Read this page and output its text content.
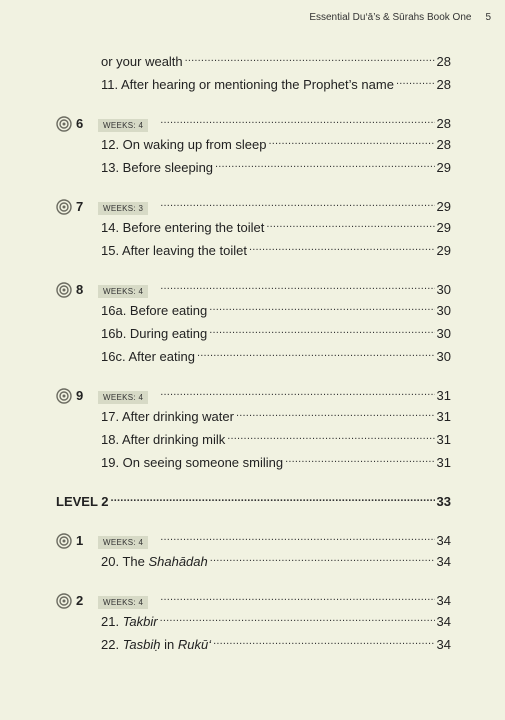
Essential Du‘ā’s & Sūrahs Book One 5
or your wealth .....	28
11. After hearing or mentioning the Prophet’s name .....	28
6	WEEKS: 4 .....	28
12. On waking up from sleep .....	28
13. Before sleeping .....	29
7	WEEKS: 3 .....	29
14. Before entering the toilet .....	29
15. After leaving the toilet .....	29
8	WEEKS: 4 .....	30
16a. Before eating .....	30
16b. During eating .....	30
16c. After eating .....	30
9	WEEKS: 4 .....	31
17. After drinking water .....	31
18. After drinking milk .....	31
19. On seeing someone smiling .....	31
LEVEL 2 .....	33
1	WEEKS: 4 .....	34
20. The Shahādah .....	34
2	WEEKS: 4 .....	34
21. Takbir .....	34
22. Tasbiḥ in Rukū‘ .....	34
